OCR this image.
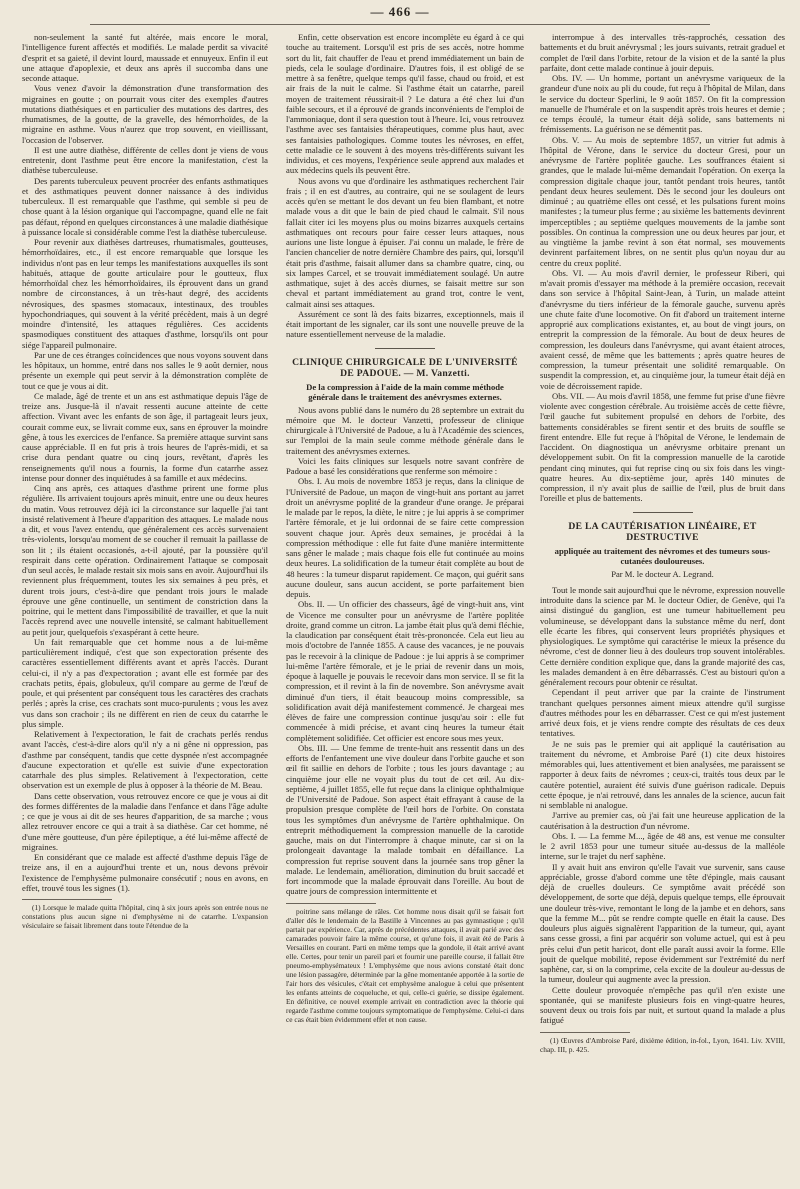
— 466 —

non-seulement la santé fut altérée, mais encore le moral, l'intelligence furent affectés et modifiés. Le malade perdit sa vivacité d'esprit et sa gaieté, il devint lourd, maussade et ennuyeux. Enfin il eut une attaque d'apoplexie, et deux ans après il succomba dans une seconde attaque.

Vous venez d'avoir la démonstration d'une transformation des migraines en goutte ; on pourrait vous citer des exemples d'autres mutations diathésiques et en particulier des mutations des dartres, des rhumatismes, de la goutte, de la gravelle, des hémorrhoïdes, de la migraine en asthme. Vous n'aurez que trop souvent, en vieillissant, l'occasion de l'observer.

Il est une autre diathèse, différente de celles dont je viens de vous entretenir, dont l'asthme peut être encore la manifestation, c'est la diathèse tuberculeuse.

Des parents tuberculeux peuvent procréer des enfants asthmatiques et des asthmatiques peuvent donner naissance à des individus tuberculeux. Il est remarquable que l'asthme, qui semble si peu de chose quant à la lésion organique qui l'accompagne, quand elle ne fait pas défaut, répond en quelques circonstances à une maladie diathésique à puissance locale si considérable comme l'est la diathèse tuberculeuse.

Pour revenir aux diathèses dartreuses, rhumatismales, goutteuses, hémorrhoïdaires, etc., il est encore remarquable que lorsque les individus n'ont pas en leur temps les manifestations auxquelles ils sont habitués, attaque de goutte articulaire pour le goutteux, flux hémorrhoïdal chez les hémorrhoïdaires, ils éprouvent dans un grand nombre de circonstances, à un très-haut degré, des accidents névrosiques, des spasmes stomacaux, intestinaux, des troubles hypochondriaques, qui souvent à la vérité précèdent, mais à un degré moindre d'intensité, les attaques régulières. Ces accidents spasmodiques constituent des attaques d'asthme, lorsqu'ils ont pour siége l'appareil pulmonaire.

Par une de ces étranges coïncidences que nous voyons souvent dans les hôpitaux, un homme, entré dans nos salles le 9 août dernier, nous présente un exemple qui peut servir à la démonstration complète de tout ce que je vous ai dit.

Ce malade, âgé de trente et un ans est asthmatique depuis l'âge de treize ans. Jusque-là il n'avait ressenti aucune atteinte de cette affection. Vivant avec les enfants de son âge, il partageait leurs jeux, courait comme eux, se livrait comme eux, sans en éprouver la moindre gêne, à tous les exercices de l'enfance. Sa première attaque survint sans cause appréciable. Il en fut pris à trois heures de l'après-midi, et sa crise dura pendant quatre ou cinq jours, revêtant, d'après les renseignements qu'il nous a fournis, la forme d'un catarrhe assez intense pour donner des inquiétudes à sa famille et aux médecins.

Cinq ans après, ces attaques d'asthme prirent une forme plus régulière. Ils arrivaient toujours après minuit, entre une ou deux heures du matin. Vous retrouvez déjà ici la circonstance sur laquelle j'ai tant insisté relativement à l'heure d'apparition des attaques. Le malade nous a dit, et vous l'avez entendu, que généralement ces accès survenaient très-violents, lorsqu'au moment de se coucher il remuait la paillasse de son lit ; ils étaient occasionés, a-t-il ajouté, par la poussière qu'il respirait dans cette opération. Ordinairement l'attaque se composait d'un seul accès, le malade restait six mois sans en avoir. Aujourd'hui ils reviennent plus fréquemment, toutes les six semaines à peu près, et durent trois jours, c'est-à-dire que pendant trois jours le malade éprouve une gêne continuelle, un sentiment de constriction dans la poitrine, qui le mettent dans l'impossibilité de travailler, et que la nuit l'accès reprend avec une nouvelle intensité, se calmant habituellement au petit jour, quelquefois s'exaspérant à cette heure.

Un fait remarquable que cet homme nous a de lui-même particulièrement indiqué, c'est que son expectoration présente des caractères essentiellement différents avant et après l'accès. Durant celui-ci, il n'y a pas d'expectoration ; avant elle est formée par des crachats petits, épais, globuleux, qu'il compare au germe de l'œuf de poule, et qui présentent par conséquent tous les caractères des crachats perlés ; après la crise, ces crachats sont muco-purulents ; vous les avez vus dans son crachoir ; ils ne diffèrent en rien de ceux du catarrhe le plus simple.

Relativement à l'expectoration, le fait de crachats perlés rendus avant l'accès, c'est-à-dire alors qu'il n'y a ni gêne ni oppression, pas d'asthme par conséquent, tandis que cette dyspnée n'est accompagnée d'aucune expectoration et qu'elle est suivie d'une expectoration catarrhale des plus simples. Relativement à l'expectoration, cette observation est un exemple de plus à opposer à la théorie de M. Beau.

Dans cette observation, vous retrouvez encore ce que je vous ai dit des formes différentes de la maladie dans l'enfance et dans l'âge adulte ; ce que je vous ai dit de ses heures d'apparition, de sa marche ; vous allez retrouver encore ce qui a trait à sa diathèse. Car cet homme, né d'une mère goutteuse, d'un père épileptique, a été lui-même affecté de migraines.

En considérant que ce malade est affecté d'asthme depuis l'âge de treize ans, il en a aujourd'hui trente et un, nous devons prévoir l'existence de l'emphysème pulmonaire consécutif ; nous en avons, en effet, trouvé tous les signes (1).

(1) Lorsque le malade quitta l'hôpital, cinq à six jours après son entrée nous ne constations plus aucun signe ni d'emphysème ni de catarrhe. L'expansion vésiculaire se faisait librement dans toute l'étendue de la

Enfin, cette observation est encore incomplète eu égard à ce qui touche au traitement. Lorsqu'il est pris de ses accès, notre homme sort du lit, fait chauffer de l'eau et prend immédiatement un bain de pieds, cela le soulage d'ordinaire. D'autres fois, il est obligé de se mettre à sa fenêtre, quelque temps qu'il fasse, chaud ou froid, et est air frais de la nuit le calme. Si l'asthme était un catarrhe, pareil moyen de traitement réussirait-il ? Le datura a été chez lui d'un faible secours, et il a éprouvé de grands inconvénients de l'emploi de l'ammoniaque, dont il sera question tout à l'heure. Ici, vous retrouvez l'asthme avec ses fantaisies thérapeutiques, comme plus haut, avec ses fantaisies pathologiques. Comme toutes les névroses, en effet, cette maladie ce le souvent à des moyens très-différents suivant les individus, et ces moyens, l'expérience seule apprend aux malades et aux médecins quels ils peuvent être.

Nous avons vu que d'ordinaire les asthmatiques recherchent l'air frais ; il en est d'autres, au contraire, qui ne se soulagent de leurs accès qu'en se mettant le dos devant un feu bien flambant, et notre malade vous a dit que le bain de pied chaud le calmait. S'il nous fallait citer ici les moyens plus ou moins bizarres auxquels certains asthmatiques ont recours pour faire cesser leurs attaques, nous aurions une liste longue à épuiser. J'ai connu un malade, le frère de l'ancien chancelier de notre dernière Chambre des pairs, qui, lorsqu'il était pris d'asthme, faisait allumer dans sa chambre quatre, cinq, ou six lampes Carcel, et se trouvait immédiatement soulagé. Un autre asthmatique, sujet à des accès diurnes, se faisait mettre sur son cheval et partant immédiatement au grand trot, contre le vent, calmait ainsi ses attaques.

Assurément ce sont là des faits bizarres, exceptionnels, mais il était important de les signaler, car ils sont une nouvelle preuve de la nature essentiellement nerveuse de la maladie.

CLINIQUE CHIRURGICALE DE L'UNIVERSITÉ DE PADOUE. — M. Vanzetti.
De la compression à l'aide de la main comme méthode générale dans le traitement des anévrysmes externes.

Nous avons publié dans le numéro du 28 septembre un extrait du mémoire que M. le docteur Vanzetti, professeur de clinique chirurgicale à l'Université de Padoue, a lu à l'Académie des sciences, sur l'emploi de la main seule comme méthode générale dans le traitement des anévrysmes externes.

Voici les faits cliniques sur lesquels notre savant confrère de Padoue a basé les considérations que renferme son mémoire :

Obs. I. Au mois de novembre 1853 je reçus, dans la clinique de l'Université de Padoue, un maçon de vingt-huit ans portant au jarret droit un anévrysme poplité de la grandeur d'une orange. Je préparai le malade par le repos, la diète, le nitre ; je lui appris à se comprimer l'artère fémorale, et je lui ordonnai de se faire cette compression souvent chaque jour. Après deux semaines, je procédai à la compression méthodique : elle fut faite d'une manière intermittente sans gêner le malade ; mais chaque fois elle fut continuée au moins deux heures. La solidification de la tumeur était complète au bout de 48 heures : la tumeur disparut rapidement. Ce maçon, qui guérit sans aucune douleur, sans aucun accident, se porte parfaitement bien depuis.

Obs. II. — Un officier des chasseurs, âgé de vingt-huit ans, vint de Vicence me consulter pour un anévrysme de l'artère poplitée droite, grand comme un citron. La jambe était plus qu'à demi fléchie, la claudication par conséquent était très-prononcée. Cela eut lieu au mois d'octobre de l'année 1855. A cause des vacances, je ne pouvais pas le recevoir à la clinique de Padoue : je lui appris à se comprimer lui-même l'artère fémorale, et je le priai de revenir dans un mois, époque à laquelle je pouvais le recevoir dans mon service. Il se fit la compression, et il revint à la fin de novembre. Son anévrysme avait diminué d'un tiers, il était beaucoup moins compressible, sa solidification avait déjà manifestement commencé. Je chargeai mes élèves de faire une compression continue jusqu'au soir : elle fut commencée à midi précise, et avant cinq heures la tumeur était complètement solidifiée. Cet officier est encore sous mes yeux.

Obs. III. — Une femme de trente-huit ans ressentit dans un des efforts de l'enfantement une vive douleur dans l'orbite gauche et son œil fit saillie en dehors de l'orbite ; tous les jours davantage ; au cinquième jour elle ne voyait plus du tout de cet œil. Au dix-septième, 4 juillet 1855, elle fut reçue dans la clinique ophthalmique de l'Université de Padoue. Son aspect était effrayant à cause de la propulsion presque complète de l'œil hors de l'orbite. On constata tous les symptômes d'un anévrysme de l'artère ophthalmique. On entreprit méthodiquement la compression manuelle de la carotide gauche, mais on dut l'interrompre à chaque minute, car si on la prolongeait davantage la malade tombait en défaillance. La compression fut reprise souvent dans la journée sans trop gêner la malade. Le lendemain, amélioration, diminution du bruit saccadé et fort incommode que la malade éprouvait dans l'oreille. Au bout de quatre jours de compression intermittente et

poitrine sans mélange de râles. Cet homme nous disait qu'il se faisait fort d'aller dès le lendemain de la Bastille à Vincennes au pas gymnastique ; qu'il partait par expérience. Car, après de précédentes attaques, il avait parié avec des camarades pouvoir faire la même course, et qu'une fois, il avait été de Paris à Versailles en courant. Parti en même temps que la gondole, il était arrivé avant elle. Certes, pour tenir un pareil pari et fournir une pareille course, il fallait être pneumo-emphysémateux ! L'emphysème que nous avions constaté était donc une lésion passagère, déterminée par la gêne momentanée apportée à la sortie de l'air hors des vésicules, c'était cet emphysème analogue à celui que présentent les enfants atteints de coqueluche, et qui, celle-ci guérie, se dissipe également. En définitive, ce nouvel exemple arrivait en contradiction avec la théorie qui regarde l'asthme comme toujours symptomatique de l'emphysème. Celui-ci dans ce cas était bien évidemment effet et non cause.

interrompue à des intervalles très-rapprochés, cessation des battements et du bruit anévrysmal ; les jours suivants, retrait graduel et complet de l'œil dans l'orbite, retour de la vision et de la santé la plus parfaite, dont cette malade continue à jouir depuis.

Obs. IV. — Un homme, portant un anévrysme variqueux de la grandeur d'une noix au pli du coude, fut reçu à l'hôpital de Milan, dans le service du docteur Sperlini, le 9 août 1857. On fit la compression manuelle de l'humérale et on la suspendit après trois heures et demie ; ce temps écoulé, la tumeur était déjà solide, sans battements ni frémissements. La guérison ne se démentit pas.

Obs. V. — Au mois de septembre 1857, un vitrier fut admis à l'hôpital de Vérone, dans le service du docteur Gresi, pour un anévrysme de l'artère poplitée gauche. Les souffrances étaient si grandes, que le malade lui-même demandait l'opération. On exerça la compression digitale chaque jour, tantôt pendant trois heures, tantôt pendant deux heures seulement. Dès le second jour les douleurs ont diminué ; au quatrième elles ont cessé, et les pulsations furent moins manifestes ; la tumeur plus ferme ; au sixième les battements devinrent imperceptibles ; au septième quelques mouvements de la jambe sont possibles. On continua la compression une ou deux heures par jour, et au vingtième la jambe revint à son état normal, ses mouvements devinrent parfaitement libres, on ne sentit plus qu'un noyau dur au centre du creux poplité.

Obs. VI. — Au mois d'avril dernier, le professeur Riberi, qui m'avait promis d'essayer ma méthode à la première occasion, recevait dans son service à l'hôpital Saint-Jean, à Turin, un malade atteint d'anévrysme du tiers inférieur de la fémorale gauche, survenu après une chute faite d'une locomotive. On fit d'abord un traitement interne approprié aux complications existantes, et, au bout de vingt jours, on entreprit la compression de la fémorale. Au bout de deux heures de compression, les douleurs dans l'anévrysme, qui avant étaient atroces, avaient cessé, de même que les battements ; après quatre heures de compression, la tumeur présentait une solidité remarquable. On suspendit la compression, et, au cinquième jour, la tumeur était déjà en voie de décroissement rapide.

Obs. VII. — Au mois d'avril 1858, une femme fut prise d'une fièvre violente avec congestion cérébrale. Au troisième accès de cette fièvre, l'œil gauche fut subitement propulsé en dehors de l'orbite, des battements considérables se firent sentir et des bruits de souffle se firent entendre. Elle fut reçue à l'hôpital de Vérone, le lendemain de l'accident. On diagnostiqua un anévrysme orbitaire prenant un développement subit. On fit la compression manuelle de la carotide pendant cinq minutes, qui fut reprise cinq ou six fois dans les vingt-quatre heures. Au dix-septième jour, après 140 minutes de compression, il n'y avait plus de saillie de l'œil, plus de bruit dans l'oreille et plus de battements.

DE LA CAUTÉRISATION LINÉAIRE, ET DESTRUCTIVE
appliquée au traitement des névromes et des tumeurs sous-cutanées douloureuses.
Par M. le docteur A. Legrand.

Tout le monde sait aujourd'hui que le névrome, expression nouvelle introduite dans la science par M. le docteur Odier, de Genève, qui l'a ainsi distingué du ganglion, est une tumeur habituellement peu volumineuse, se développant dans la substance même du nerf, dont elle écarte les fibres, qui conservent leurs propriétés physiques et physiologiques. Le symptôme qui caractérise le mieux la présence du névrome, c'est de donner lieu à des douleurs trop souvent intolérables. Cette dernière condition explique que, dans la grande majorité des cas, les malades demandent à en être débarrassés. C'est au bistouri qu'on a généralement recours pour obtenir ce résultat.

Cependant il peut arriver que par la crainte de l'instrument tranchant quelques personnes aiment mieux attendre qu'il surgisse d'autres méthodes pour les en débarrasser. C'est ce qui m'est justement arrivé deux fois, et je viens rendre compte des résultats de ces deux tentatives.

Je ne suis pas le premier qui ait appliqué la cautérisation au traitement du névrome, et Ambroise Paré (1) cite deux histoires mémorables qui, lues attentivement et bien analysées, me paraissent se rapporter à deux faits de névromes ; ceux-ci, traités tous deux par le cautère potentiel, auraient été suivis d'une guérison radicale. Depuis cette époque, je n'ai retrouvé, dans les annales de la science, aucun fait ni semblable ni analogue.

J'arrive au premier cas, où j'ai fait une heureuse application de la cautérisation à la destruction d'un névrome.

Obs. I. — La femme M..., âgée de 48 ans, est venue me consulter le 2 avril 1853 pour une tumeur située au-dessus de la malléole interne, sur le trajet du nerf saphène.

Il y avait huit ans environ qu'elle l'avait vue survenir, sans cause appréciable, grosse d'abord comme une tête d'épingle, mais causant déjà de cruelles douleurs. Ce symptôme avait précédé son développement, de sorte que déjà, depuis quelque temps, elle éprouvait une douleur très-vive, remontant le long de la jambe et en dehors, sans que la femme M... pût se rendre compte quelle en était la cause. Des douleurs plus aiguës signalèrent l'apparition de la tumeur, qui, ayant sans cesse grossi, a fini par acquérir son volume actuel, qui est à peu près celui d'un petit haricot, dont elle paraît aussi avoir la forme. Elle jouit de quelque mobilité, repose évidemment sur l'extrémité du nerf saphène, car, si on la comprime, cela excite de la douleur au-dessus de la tumeur, douleur qui augmente avec la pression.

Cette douleur provoquée n'empêche pas qu'il n'en existe une spontanée, qui se manifeste plusieurs fois en vingt-quatre heures, souvent deux ou trois fois par nuit, et surtout quand la malade a plus fatigué

(1) Œuvres d'Ambroise Paré, dixième édition, in-fol., Lyon, 1641. Liv. XVIII, chap. III, p. 425.
